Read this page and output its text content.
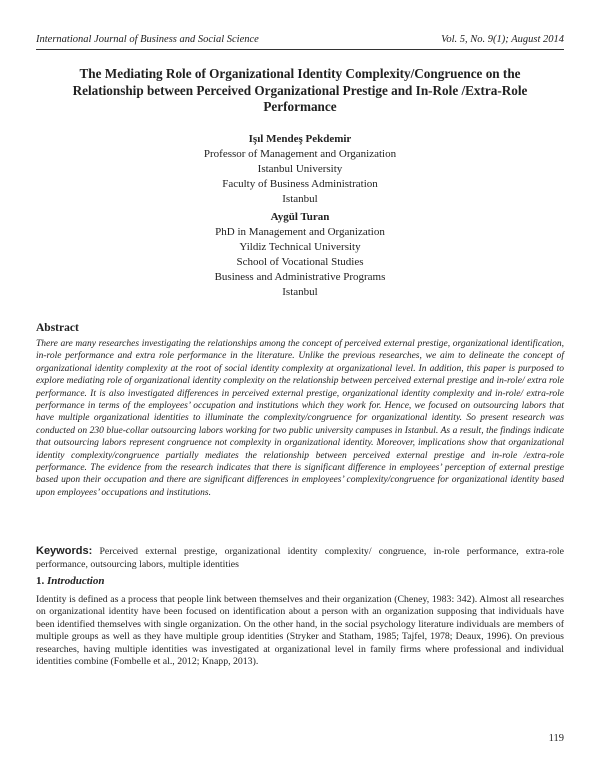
International Journal of Business and Social Science	Vol. 5, No. 9(1); August 2014
The Mediating Role of Organizational Identity Complexity/Congruence on the Relationship between Perceived Organizational Prestige and In-Role /Extra-Role Performance
Işıl Mendeş Pekdemir
Professor of Management and Organization
Istanbul University
Faculty of Business Administration
Istanbul
Aygül Turan
PhD in Management and Organization
Yildiz Technical University
School of Vocational Studies
Business and Administrative Programs
Istanbul
Abstract
There are many researches investigating the relationships among the concept of perceived external prestige, organizational identification, in-role performance and extra role performance in the literature. Unlike the previous researches, we aim to delineate the concept of organizational identity complexity at the root of social identity complexity at organizational level. In addition, this paper is purposed to explore mediating role of organizational identity complexity on the relationship between perceived external prestige and in-role/ extra role performance. It is also investigated differences in perceived external prestige, organizational identity complexity and in-role/ extra-role performance in terms of the employees’ occupation and institutions which they work for. Hence, we focused on outsourcing labors that have multiple organizational identities to illuminate the complexity/congruence for organizational identity. So present research was conducted on 230 blue-collar outsourcing labors working for two public university campuses in Istanbul. As a result, the findings indicate that outsourcing labors represent congruence not complexity in organizational identity. Moreover, implications show that organizational identity complexity/congruence partially mediates the relationship between perceived external prestige and in-role /extra-role performance. The evidence from the research indicates that there is significant difference in employees’ perception of external prestige based upon their occupation and there are significant differences in employees’ complexity/congruence for organizational identity based upon employees’ occupations and institutions.
Keywords: Perceived external prestige, organizational identity complexity/ congruence, in-role performance, extra-role performance, outsourcing labors, multiple identities
1. Introduction
Identity is defined as a process that people link between themselves and their organization (Cheney, 1983: 342). Almost all researches on organizational identity have been focused on identification about a person with an organization supposing that individuals have been identified themselves with single organization. On the other hand, in the social psychology literature individuals are members of multiple groups as well as they have multiple group identities (Stryker and Statham, 1985; Tajfel, 1978; Deaux, 1996). On previous researches, having multiple identities was investigated at organizational level in family firms where professional and individual identities combine (Fombelle et al., 2012; Knapp, 2013).
119
